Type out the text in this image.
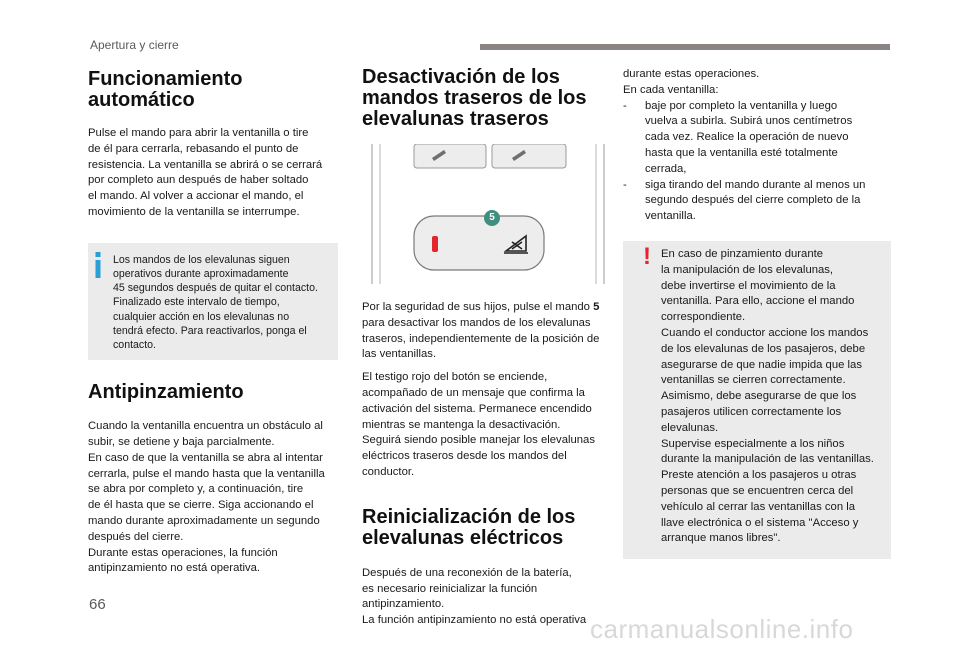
Apertura y cierre
Funcionamiento automático

Pulse el mando para abrir la ventanilla o tire
de él para cerrarla, rebasando el punto de
resistencia. La ventanilla se abrirá o se cerrará
por completo aun después de haber soltado
el mando. Al volver a accionar el mando, el
movimiento de la ventanilla se interrumpe.

Los mandos de los elevalunas siguen
operativos durante aproximadamente
45 segundos después de quitar el contacto.
Finalizado este intervalo de tiempo,
cualquier acción en los elevalunas no
tendrá efecto. Para reactivarlos, ponga el
contacto.

Antipinzamiento

Cuando la ventanilla encuentra un obstáculo al
subir, se detiene y baja parcialmente.
En caso de que la ventanilla se abra al intentar
cerrarla, pulse el mando hasta que la ventanilla
se abra por completo y, a continuación, tire
de él hasta que se cierre. Siga accionando el
mando durante aproximadamente un segundo
después del cierre.
Durante estas operaciones, la función
antipinzamiento no está operativa.

Desactivación de los
mandos traseros de los
elevalunas traseros
5

Por la seguridad de sus hijos, pulse el mando 5
para desactivar los mandos de los elevalunas
traseros, independientemente de la posición de
las ventanillas.

El testigo rojo del botón se enciende,
acompañado de un mensaje que confirma la
activación del sistema. Permanece encendido
mientras se mantenga la desactivación.
Seguirá siendo posible manejar los elevalunas
eléctricos traseros desde los mandos del
conductor.

Reinicialización de los
elevalunas eléctricos

Después de una reconexión de la batería,
es necesario reinicializar la función
antipinzamiento.
La función antipinzamiento no está operativa

durante estas operaciones.
En cada ventanilla:

- baje por completo la ventanilla y luego
vuelva a subirla. Subirá unos centímetros
cada vez. Realice la operación de nuevo
hasta que la ventanilla esté totalmente
cerrada,
- siga tirando del mando durante al menos un
segundo después del cierre completo de la
ventanilla.
! En caso de pinzamiento durante
la manipulación de los elevalunas,
debe invertirse el movimiento de la
ventanilla. Para ello, accione el mando
correspondiente.
Cuando el conductor accione los mandos
de los elevalunas de los pasajeros, debe
asegurarse de que nadie impida que las
ventanillas se cierren correctamente.
Asimismo, debe asegurarse de que los
pasajeros utilicen correctamente los
elevalunas.
Supervise especialmente a los niños
durante la manipulación de las ventanillas.
Preste atención a los pasajeros u otras
personas que se encuentren cerca del
vehículo al cerrar las ventanillas con la
llave electrónica o el sistema "Acceso y
arranque manos libres".

66
carmanualsonline.info
